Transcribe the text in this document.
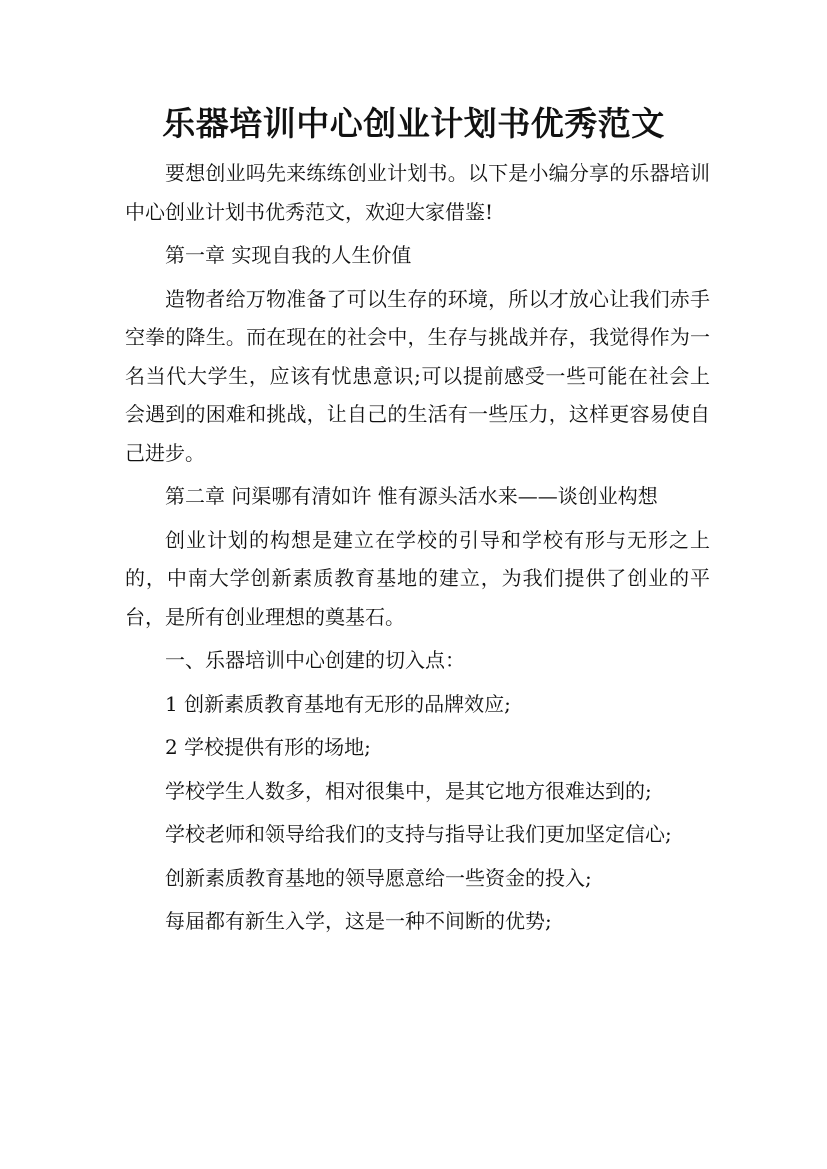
乐器培训中心创业计划书优秀范文

要想创业吗先来练练创业计划书。以下是小编分享的乐器培训中心创业计划书优秀范文，欢迎大家借鉴!

第一章 实现自我的人生价值

造物者给万物准备了可以生存的环境，所以才放心让我们赤手空拳的降生。而在现在的社会中，生存与挑战并存，我觉得作为一名当代大学生，应该有忧患意识;可以提前感受一些可能在社会上会遇到的困难和挑战，让自己的生活有一些压力，这样更容易使自己进步。

第二章 问渠哪有清如许 惟有源头活水来——谈创业构想

创业计划的构想是建立在学校的引导和学校有形与无形之上的，中南大学创新素质教育基地的建立，为我们提供了创业的平台，是所有创业理想的奠基石。

一、乐器培训中心创建的切入点：

1 创新素质教育基地有无形的品牌效应;

2 学校提供有形的场地;

学校学生人数多，相对很集中，是其它地方很难达到的;

学校老师和领导给我们的支持与指导让我们更加坚定信心;

创新素质教育基地的领导愿意给一些资金的投入;

每届都有新生入学，这是一种不间断的优势;
